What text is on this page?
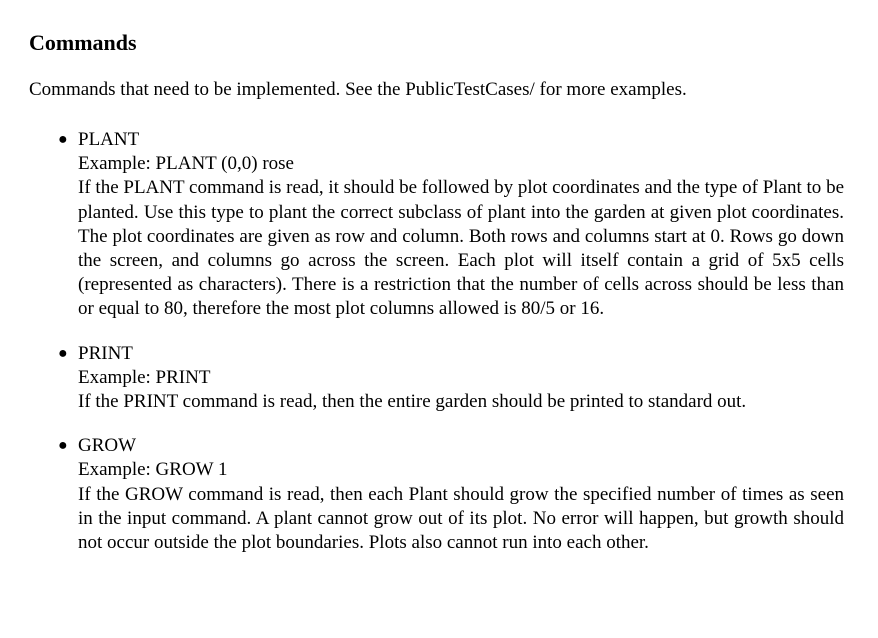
Commands

Commands that need to be implemented. See the PublicTestCases/ for more examples.

● PLANT
Example: PLANT (0,0) rose
If the PLANT command is read, it should be followed by plot coordinates and the type of Plant to be planted. Use this type to plant the correct subclass of plant into the garden at given plot coordinates. The plot coordinates are given as row and column. Both rows and columns start at 0. Rows go down the screen, and columns go across the screen. Each plot will itself contain a grid of 5x5 cells (represented as characters). There is a restriction that the number of cells across should be less than or equal to 80, therefore the most plot columns allowed is 80/5 or 16.
● PRINT
Example: PRINT
If the PRINT command is read, then the entire garden should be printed to standard out.
● GROW
Example: GROW 1
If the GROW command is read, then each Plant should grow the specified number of times as seen in the input command. A plant cannot grow out of its plot. No error will happen, but growth should not occur outside the plot boundaries. Plots also cannot run into each other.
